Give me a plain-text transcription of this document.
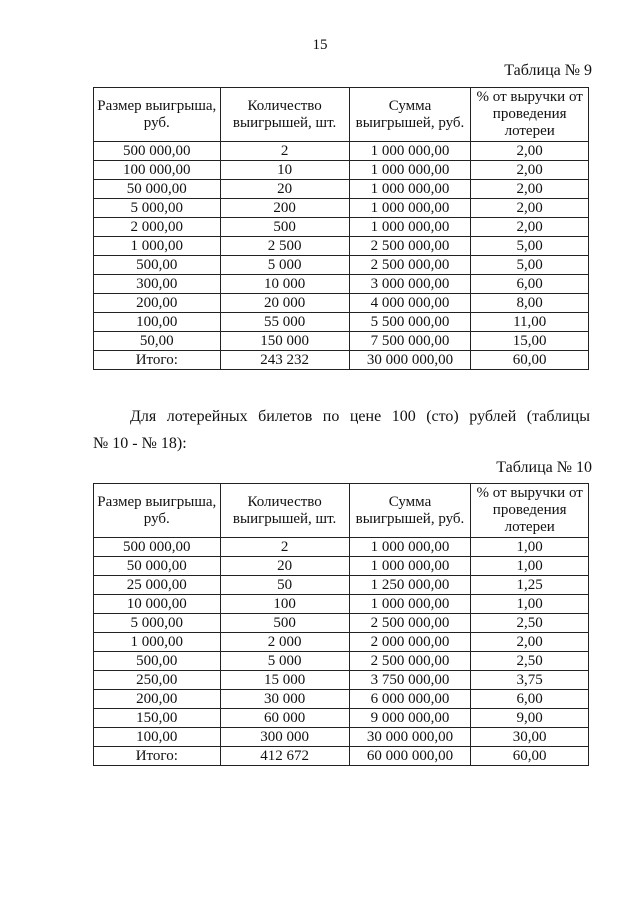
15
Таблица № 9
Размер выигрыша, руб.	Количество выигрышей, шт.	Сумма выигрышей, руб.	% от выручки от проведения лотереи
500 000,00	2	1 000 000,00	2,00
100 000,00	10	1 000 000,00	2,00
50 000,00	20	1 000 000,00	2,00
5 000,00	200	1 000 000,00	2,00
2 000,00	500	1 000 000,00	2,00
1 000,00	2 500	2 500 000,00	5,00
500,00	5 000	2 500 000,00	5,00
300,00	10 000	3 000 000,00	6,00
200,00	20 000	4 000 000,00	8,00
100,00	55 000	5 500 000,00	11,00
50,00	150 000	7 500 000,00	15,00
Итого:	243 232	30 000 000,00	60,00
Для лотерейных билетов по цене 100 (сто) рублей (таблицы
№ 10 - № 18):
Таблица № 10
Размер выигрыша, руб.	Количество выигрышей, шт.	Сумма выигрышей, руб.	% от выручки от проведения лотереи
500 000,00	2	1 000 000,00	1,00
50 000,00	20	1 000 000,00	1,00
25 000,00	50	1 250 000,00	1,25
10 000,00	100	1 000 000,00	1,00
5 000,00	500	2 500 000,00	2,50
1 000,00	2 000	2 000 000,00	2,00
500,00	5 000	2 500 000,00	2,50
250,00	15 000	3 750 000,00	3,75
200,00	30 000	6 000 000,00	6,00
150,00	60 000	9 000 000,00	9,00
100,00	300 000	30 000 000,00	30,00
Итого:	412 672	60 000 000,00	60,00
